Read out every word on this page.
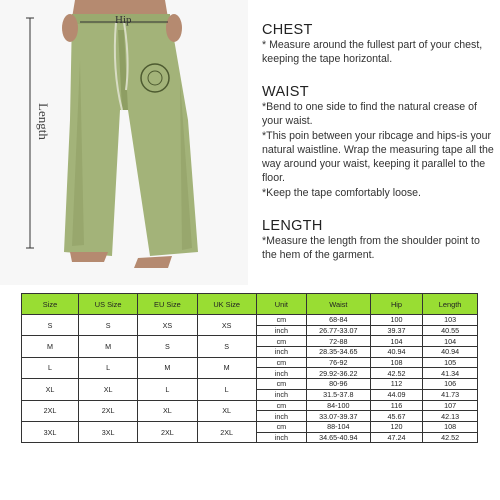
Hip
Length
CHEST

* Measure around the fullest part of your chest, keeping the tape horizontal.

WAIST

*Bend to one side to find the natural crease of your waist.

*This poin between your ribcage and hips-is your natural waistline. Wrap the measuring tape all the way around your waist, keeping it parallel to the floor.

*Keep the tape comfortably loose.

LENGTH

*Measure the length from the shoulder point to the hem of the garment.

Size	US Size	EU Size	UK Size	Unit	Waist	Hip	Length
S	S	XS	XS	cm	68-84	100	103
				inch	26.77-33.07	39.37	40.55
M	M	S	S	cm	72-88	104	104
				inch	28.35-34.65	40.94	40.94
L	L	M	M	cm	76-92	108	105
				inch	29.92-36.22	42.52	41.34
XL	XL	L	L	cm	80-96	112	106
				inch	31.5-37.8	44.09	41.73
2XL	2XL	XL	XL	cm	84-100	116	107
				inch	33.07-39.37	45.67	42.13
3XL	3XL	2XL	2XL	cm	88-104	120	108
				inch	34.65-40.94	47.24	42.52
